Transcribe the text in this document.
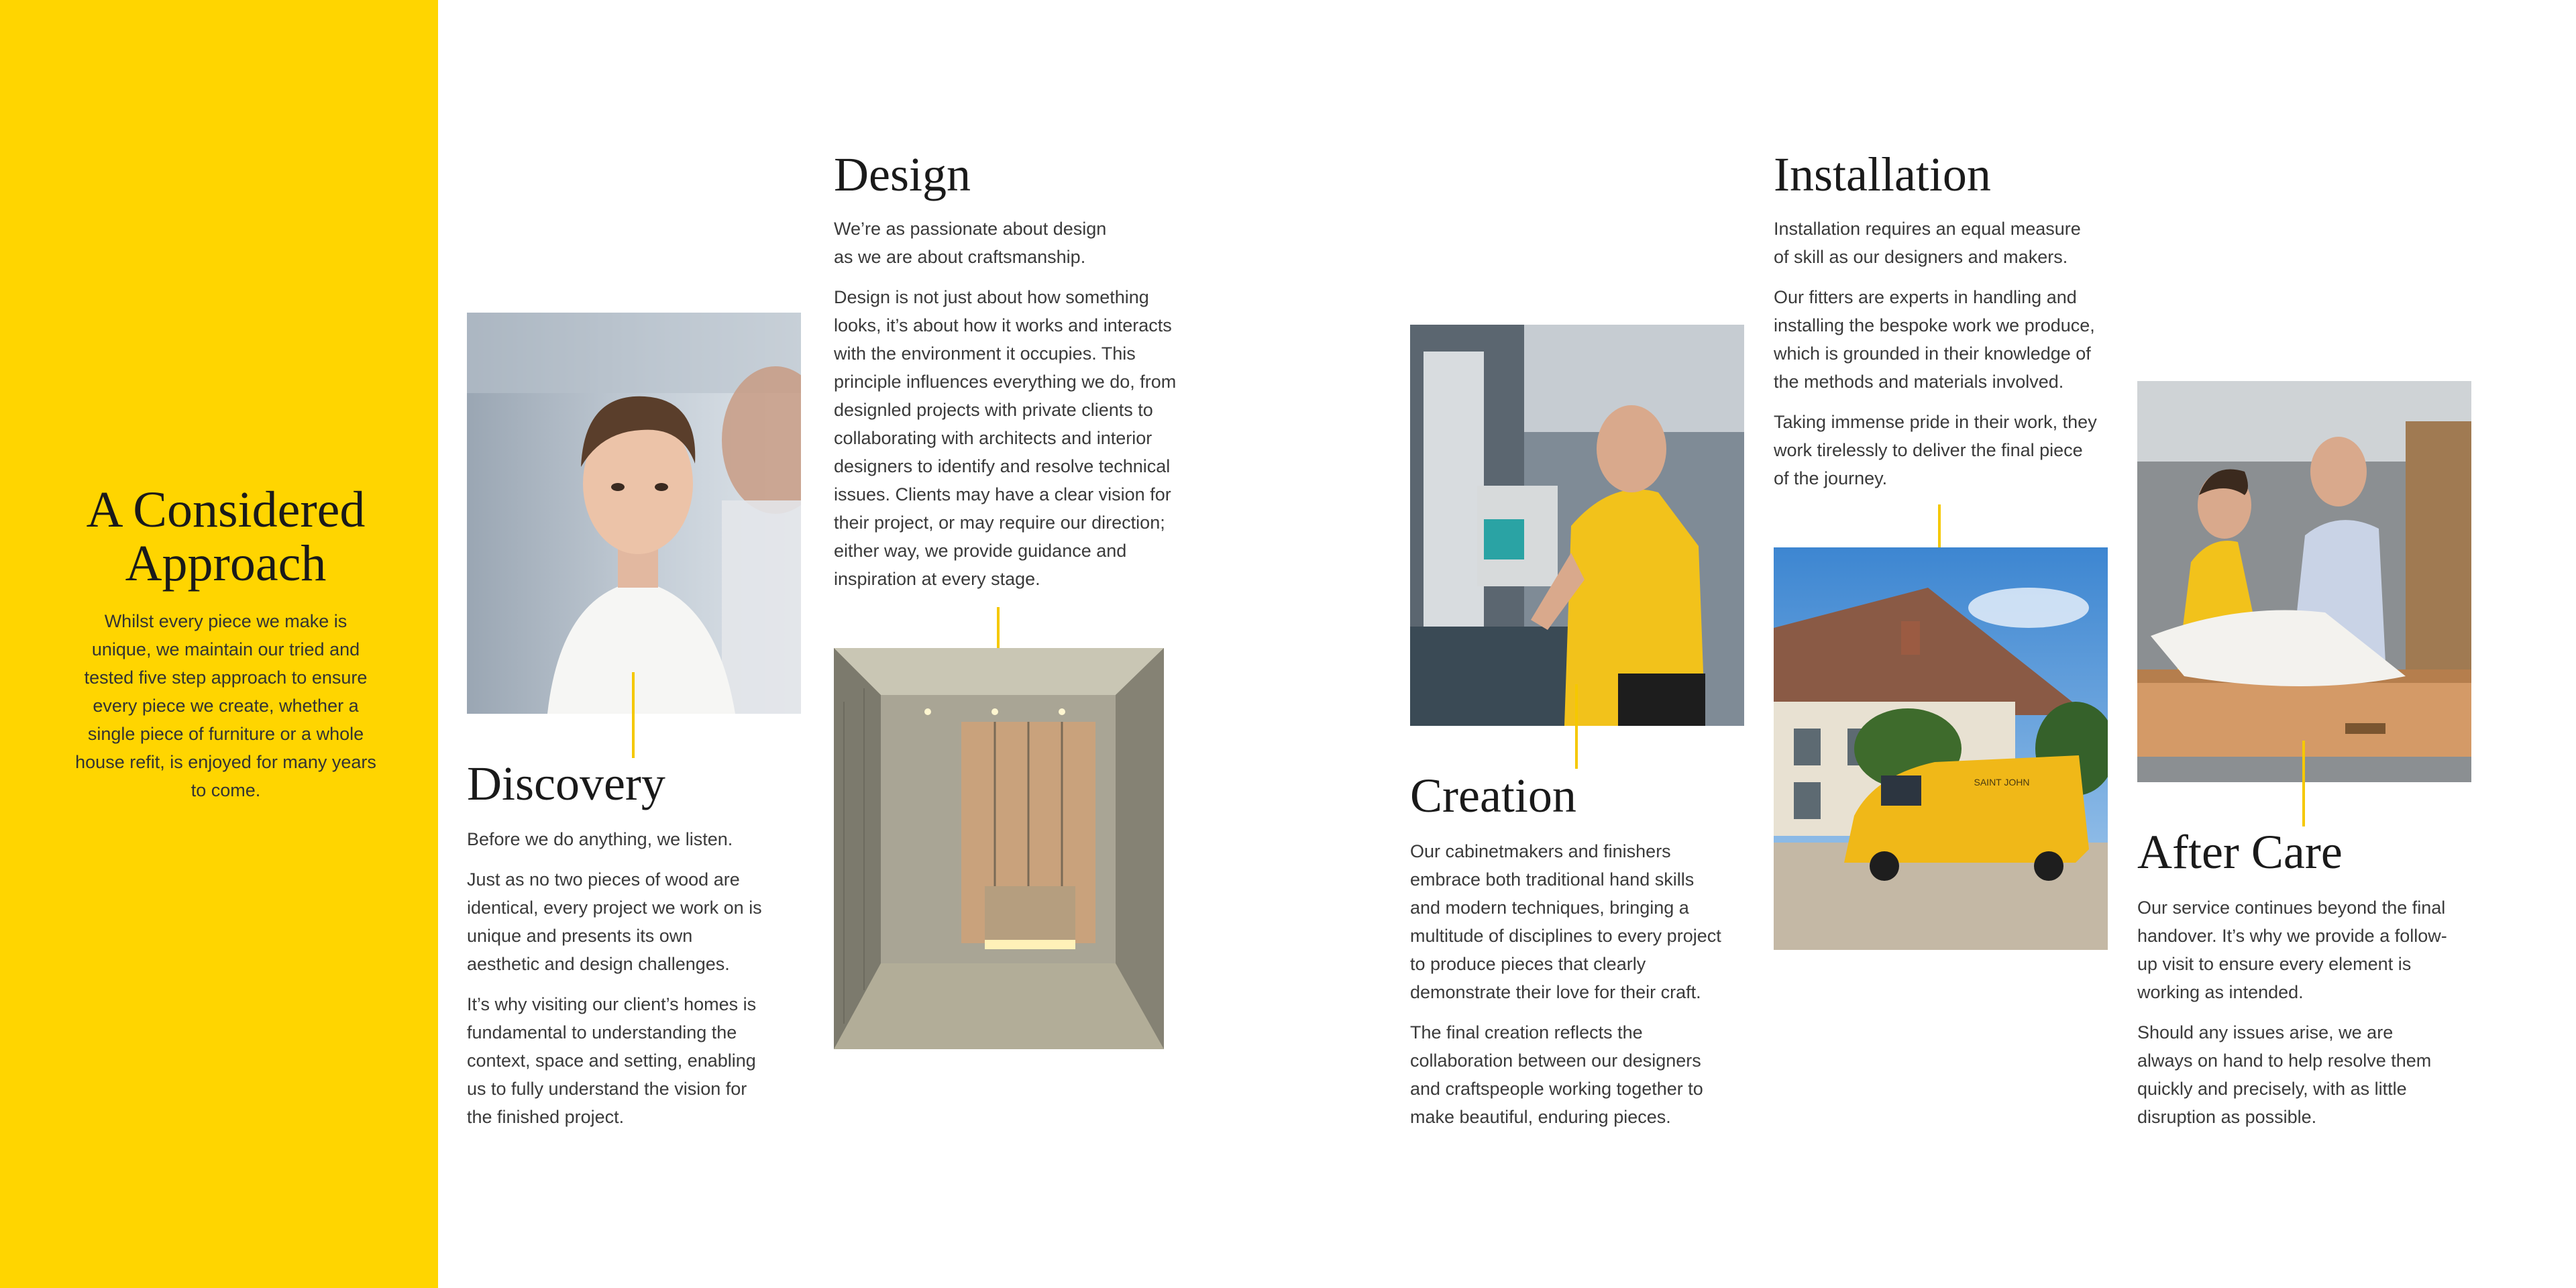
A Considered Approach

Whilst every piece we make is unique, we maintain our tried and tested five step approach to ensure every piece we create, whether a single piece of furniture or a whole house refit, is enjoyed for many years to come.	Discovery

Before we do anything, we listen.

Just as no two pieces of wood are identical, every project we work on is unique and presents its own aesthetic and design challenges.

It’s why visiting our client’s homes is fundamental to understanding the context, space and setting, enabling us to fully understand the vision for the finished project.

Design

We’re as passionate about design as we are about craftsmanship.

Design is not just about how something looks, it’s about how it works and interacts with the environment it occupies. This principle influences everything we do, from designled projects with private clients to collaborating with architects and interior designers to identify and resolve technical issues. Clients may have a clear vision for their project, or may require our direction; either way, we provide guidance and inspiration at every stage.

Creation

Our cabinetmakers and finishers embrace both traditional hand skills and modern techniques, bringing a multitude of disciplines to every project to produce pieces that clearly demonstrate their love for their craft.

The final creation reflects the collaboration between our designers and craftspeople working together to make beautiful, enduring pieces.

Installation

Installation requires an equal measure of skill as our designers and makers.

Our fitters are experts in handling and installing the bespoke work we produce, which is grounded in their knowledge of the methods and materials involved.

Taking immense pride in their work, they work tirelessly to deliver the final piece of the journey.

SAINT JOHN
After Care

Our service continues beyond the final handover. It’s why we provide a follow-up visit to ensure every element is working as intended.

Should any issues arise, we are always on hand to help resolve them quickly and precisely, with as little disruption as possible.
